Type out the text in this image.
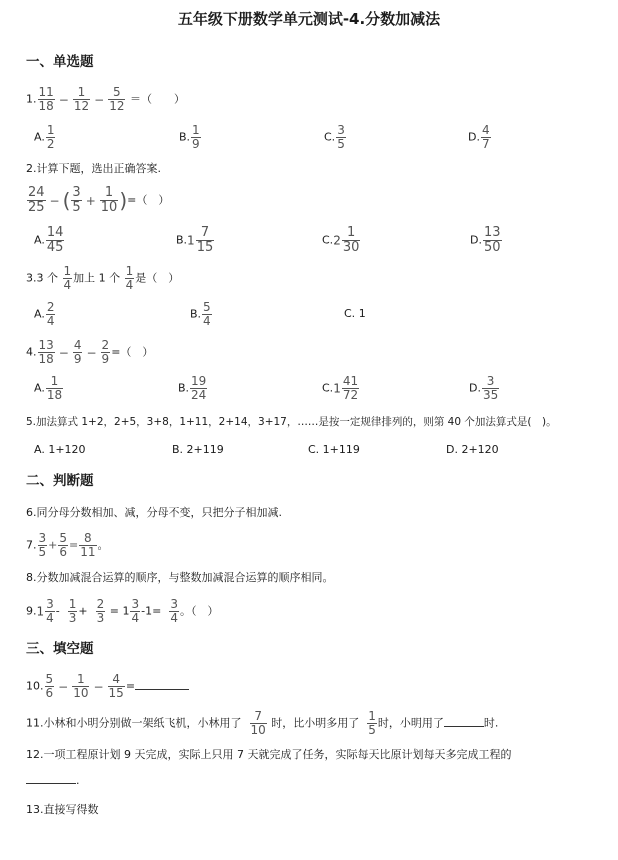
五年级下册数学单元测试-4.分数加减法
一、单选题
1. $\frac{11}{18} - \frac{1}{12} - \frac{5}{12}$ ＝（　　）
A. $\frac{1}{2}$	B. $\frac{1}{9}$	C. $\frac{3}{5}$	D. $\frac{4}{7}$
2.计算下题，选出正确答案.
$\frac{24}{25}$ − ( $\frac{3}{5} + \frac{1}{10}$ )=（　）
A. $\frac{14}{45}$	$B.1 \frac{7}{15}$	$C.2 \frac{1}{30}$	D. $\frac{13}{50}$
3.3 个 $\frac{1}{4}$ 加上 1 个 $\frac{1}{4}$ 是（　）
A. $\frac{2}{4}$	B. $\frac{5}{4}$	C. 1
4. $\frac{13}{18} - \frac{4}{9} - \frac{2}{9}$ =（　）
A. $\frac{1}{18}$	B. $\frac{19}{24}$	$C.1 \frac{41}{72}$	D. $\frac{3}{35}$
5.加法算式 1+2，2+5，3+8，1+11，2+14，3+17，……是按一定规律排列的，则第 40 个加法算式是(　)。
A. 1+120	B. 2+119	C. 1+119	D. 2+120
二、判断题
6.同分母分数相加、减，分母不变，只把分子相加减.
7. $\frac{3}{5} + \frac{5}{6} = \frac{8}{11}$ 。
8.分数加减混合运算的顺序，与整数加减混合运算的顺序相同。
$9.1 \frac{3}{4} - \frac{1}{3} + \frac{2}{3} = 1 \frac{3}{4} -1= \frac{3}{4}$ 。（　）
三、填空题
10. $\frac{5}{6} - \frac{1}{10} - \frac{4}{15}$ =
11.小林和小明分别做一架纸飞机，小林用了 $\frac{7}{10}$ 时，比小明多用了 $\frac{1}{5}$ 时，小明用了	时.
12.一项工程原计划 9 天完成，实际上只用 7 天就完成了任务，实际每天比原计划每天多完成工程的
.
13.直接写得数
